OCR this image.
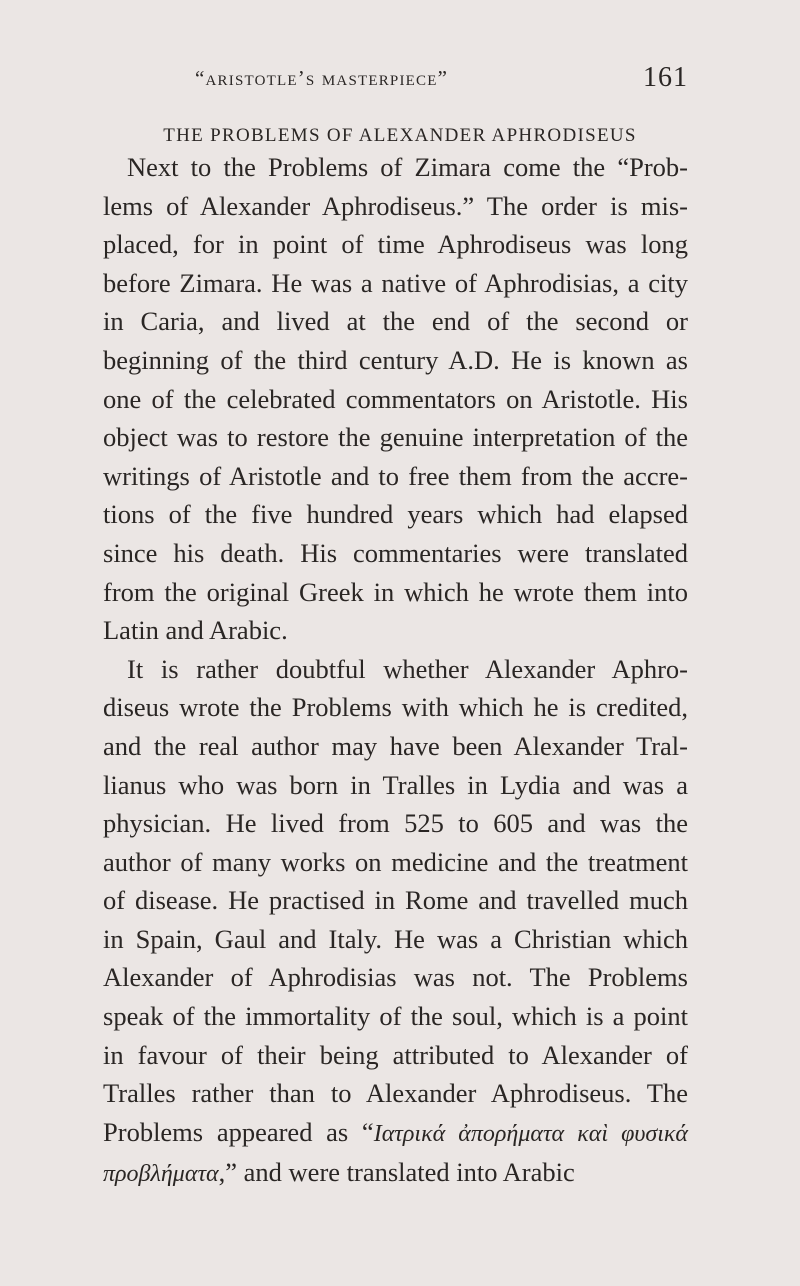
“aristotle’s masterpiece”	161
THE PROBLEMS OF ALEXANDER APHRODISEUS

Next to the Problems of Zimara come the “Prob- lems of Alexander Aphrodiseus.” The order is mis- placed, for in point of time Aphrodiseus was long before Zimara. He was a native of Aphrodisias, a city in Caria, and lived at the end of the second or beginning of the third century A.D. He is known as one of the celebrated commentators on Aristotle. His object was to restore the genuine interpretation of the writings of Aristotle and to free them from the accre- tions of the five hundred years which had elapsed since his death. His commentaries were translated from the original Greek in which he wrote them into Latin and Arabic.

It is rather doubtful whether Alexander Aphro- diseus wrote the Problems with which he is credited, and the real author may have been Alexander Tral- lianus who was born in Tralles in Lydia and was a physician. He lived from 525 to 605 and was the author of many works on medicine and the treatment of disease. He practised in Rome and travelled much in Spain, Gaul and Italy. He was a Christian which Alexander of Aphrodisias was not. The Problems speak of the immortality of the soul, which is a point in favour of their being attributed to Alexander of Tralles rather than to Alexander Aphrodiseus. The Problems appeared as “Ιατρικά ἀπορήματα καὶ φυσικά προβλήματα,” and were translated into Arabic
